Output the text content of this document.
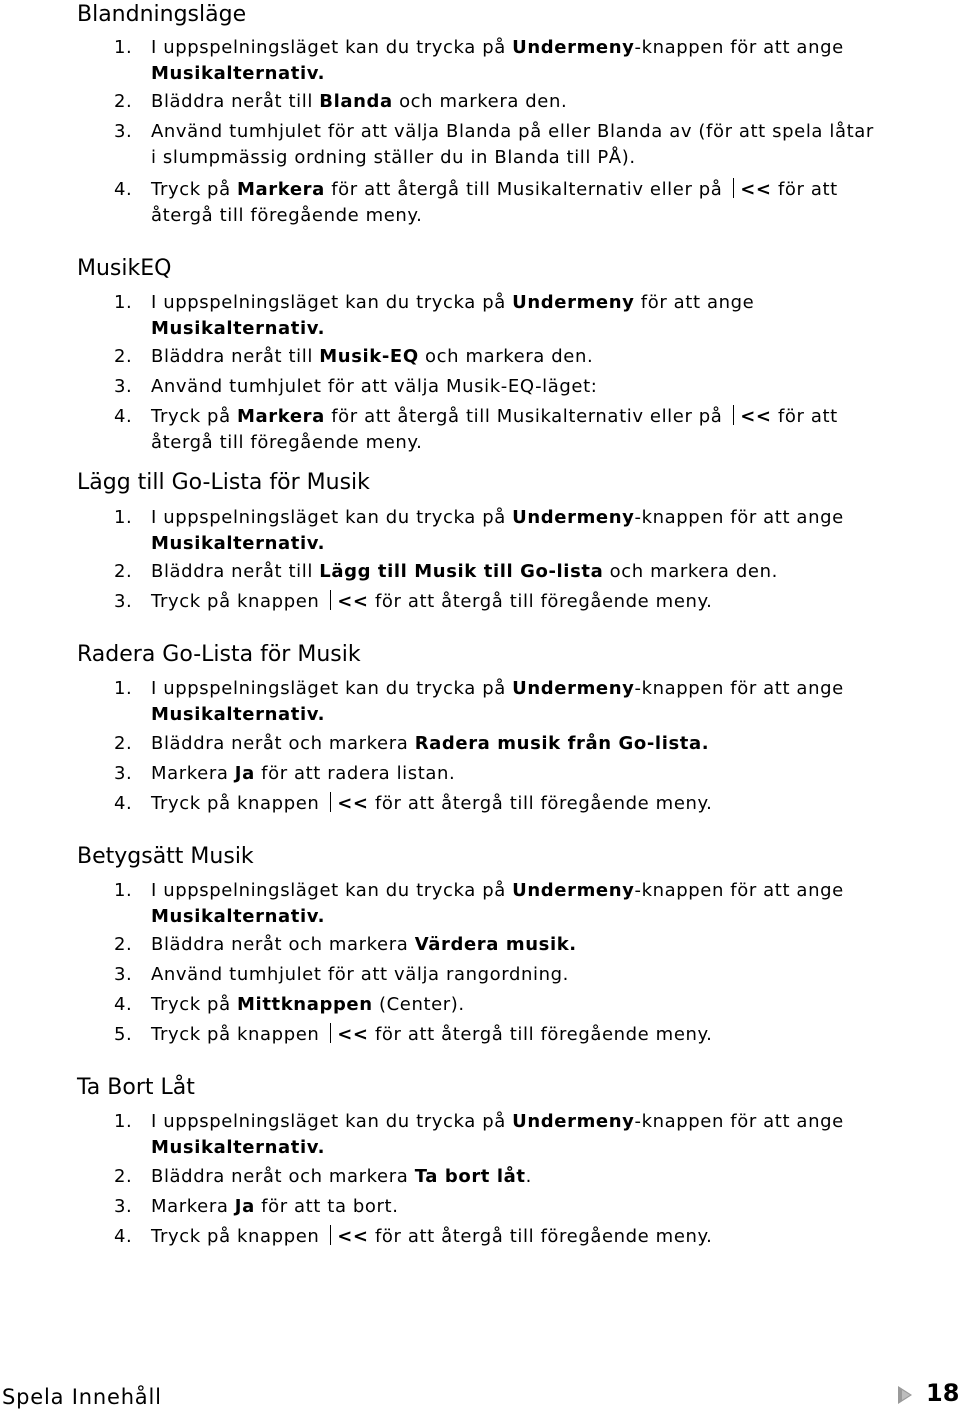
Blandningsläge
1. I uppspelningsläget kan du trycka på Undermeny-knappen för att ange
Musikalternativ.
2. Bläddra neråt till Blanda och markera den.
3. Använd tumhjulet för att välja Blanda på eller Blanda av (för att spela låtar
i slumpmässig ordning ställer du in Blanda till PÅ).
4. Tryck på Markera för att återgå till Musikalternativ eller på << för att
återgå till föregående meny.
MusikEQ
1. I uppspelningsläget kan du trycka på Undermeny för att ange
Musikalternativ.
2. Bläddra neråt till Musik-EQ och markera den.
3. Använd tumhjulet för att välja Musik-EQ-läget:
4. Tryck på Markera för att återgå till Musikalternativ eller på << för att
återgå till föregående meny.
Lägg till Go-Lista för Musik
1. I uppspelningsläget kan du trycka på Undermeny-knappen för att ange
Musikalternativ.
2. Bläddra neråt till Lägg till Musik till Go-lista och markera den.
3. Tryck på knappen << för att återgå till föregående meny.
Radera Go-Lista för Musik
1. I uppspelningsläget kan du trycka på Undermeny-knappen för att ange
Musikalternativ.
2. Bläddra neråt och markera Radera musik från Go-lista.
3. Markera Ja för att radera listan.
4. Tryck på knappen << för att återgå till föregående meny.
Betygsätt Musik
1. I uppspelningsläget kan du trycka på Undermeny-knappen för att ange
Musikalternativ.
2. Bläddra neråt och markera Värdera musik.
3. Använd tumhjulet för att välja rangordning.
4. Tryck på Mittknappen (Center).
5. Tryck på knappen << för att återgå till föregående meny.
Ta Bort Låt
1. I uppspelningsläget kan du trycka på Undermeny-knappen för att ange
Musikalternativ.
2. Bläddra neråt och markera Ta bort låt.
3. Markera Ja för att ta bort.
4. Tryck på knappen << för att återgå till föregående meny.
Spela Innehåll	18
